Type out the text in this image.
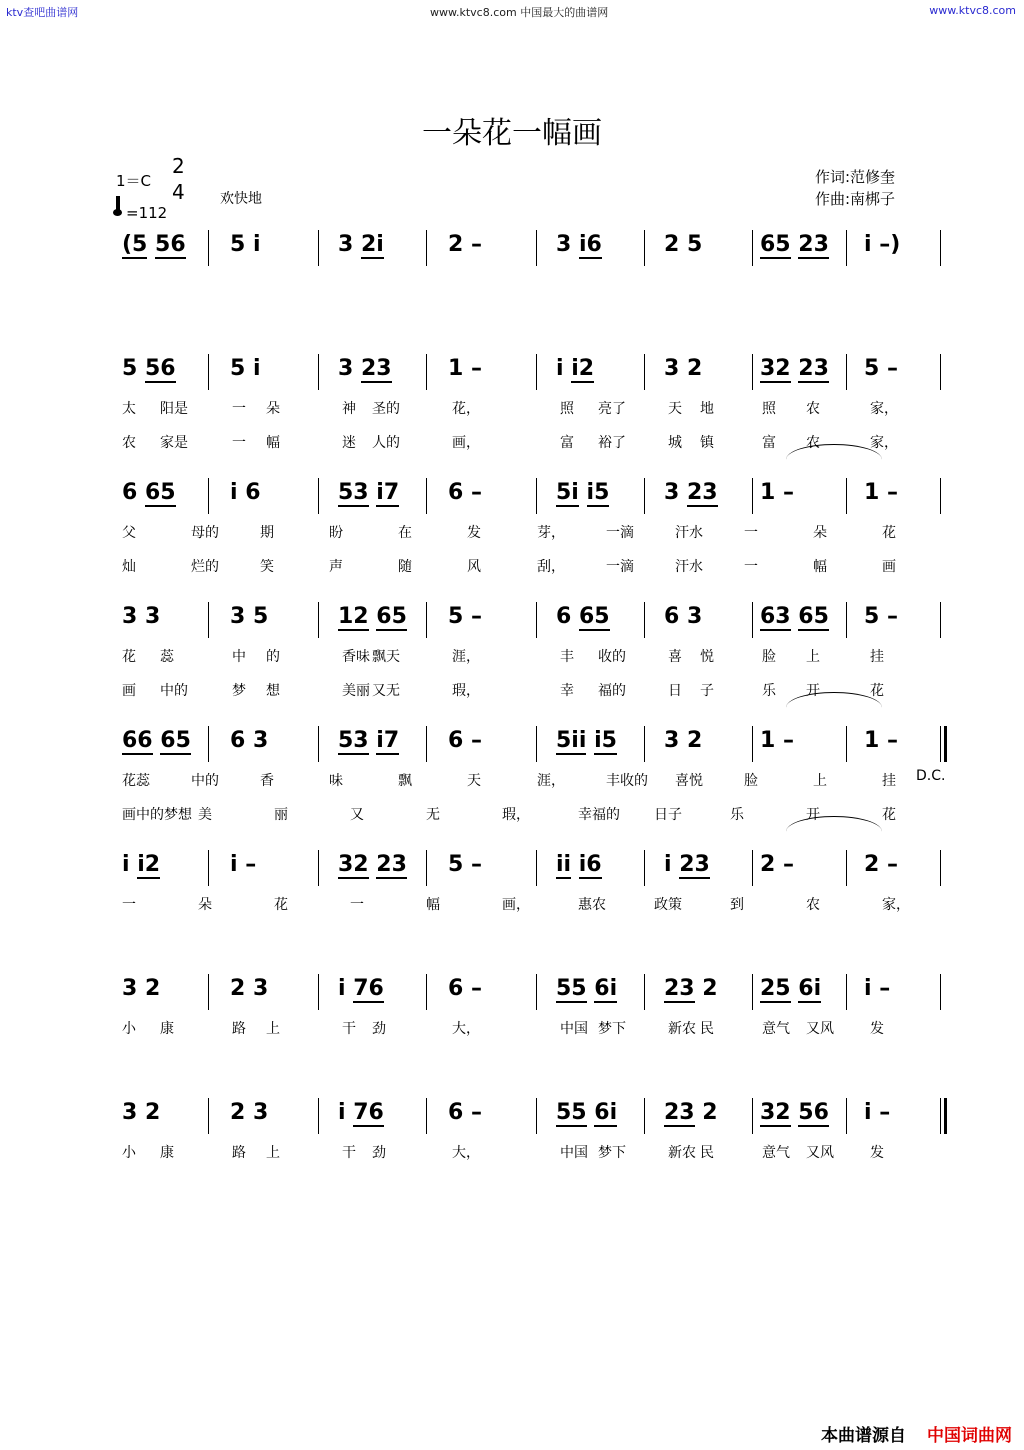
ktv查吧曲谱网	www.ktvc8.com 中国最大的曲谱网	www.ktvc8.com
一朵花一幅画
1＝C
2
4
=112
欢快地
作词:范修奎
作曲:南梆子
(5 56 5 i	3 2i	2 –	3 i6	2 5	65 23 i –)
5 56 5 i	3 23	1 –	i i2	3 2	32 23 5 –
太 阳是	一 朵	神 圣的	花，	照 亮了	天 地	照 农	家，
农 家是	一 幅	迷 人的	画，	富 裕了	城 镇	富 农	家，
6 65 i 6	53 i7 6 –	5i i5 3 23 1 –	1 –
父	母的	期	盼	在	发	芽，	一滴	汗水	一	朵	花
灿	烂的	笑	声	随	风	刮，	一滴	汗水	一	幅	画
3 3	3 5	12 65 5 –	6 65 6 3	63 65 5 –
花 蕊	中 的	香味 飘天	涯，	丰 收的	喜 悦	脸 上	挂
画 中的	梦 想	美丽 又无	瑕，	幸 福的	日 子	乐 开	花
66 65 6 3	53 i7 6 –	5ii i5 3 2	1 –	1 –
花蕊	中的	香	味	飘	天	涯，	丰收的 喜悦	脸	上	挂
画中的梦想 美	丽	又	无	瑕，	幸福的 日子	乐	开	花
D.C.
i i2	i –	32 23 5 –	ii i6	i 23 2 –	2 –
一	朵	花	一	幅	画，	惠农	政策	到	农	家，
3 2	2 3	i 76	6 –	55 6i 23 2 25 6i i –
小 康	路 上	干 劲	大，	中国 梦下	新农 民	意气 又风	发
3 2	2 3	i 76	6 –	55 6i 23 2 32 56 i –
小 康	路 上	干 劲	大，	中国 梦下	新农 民	意气 又风	发
本曲谱源自 中国词曲网
